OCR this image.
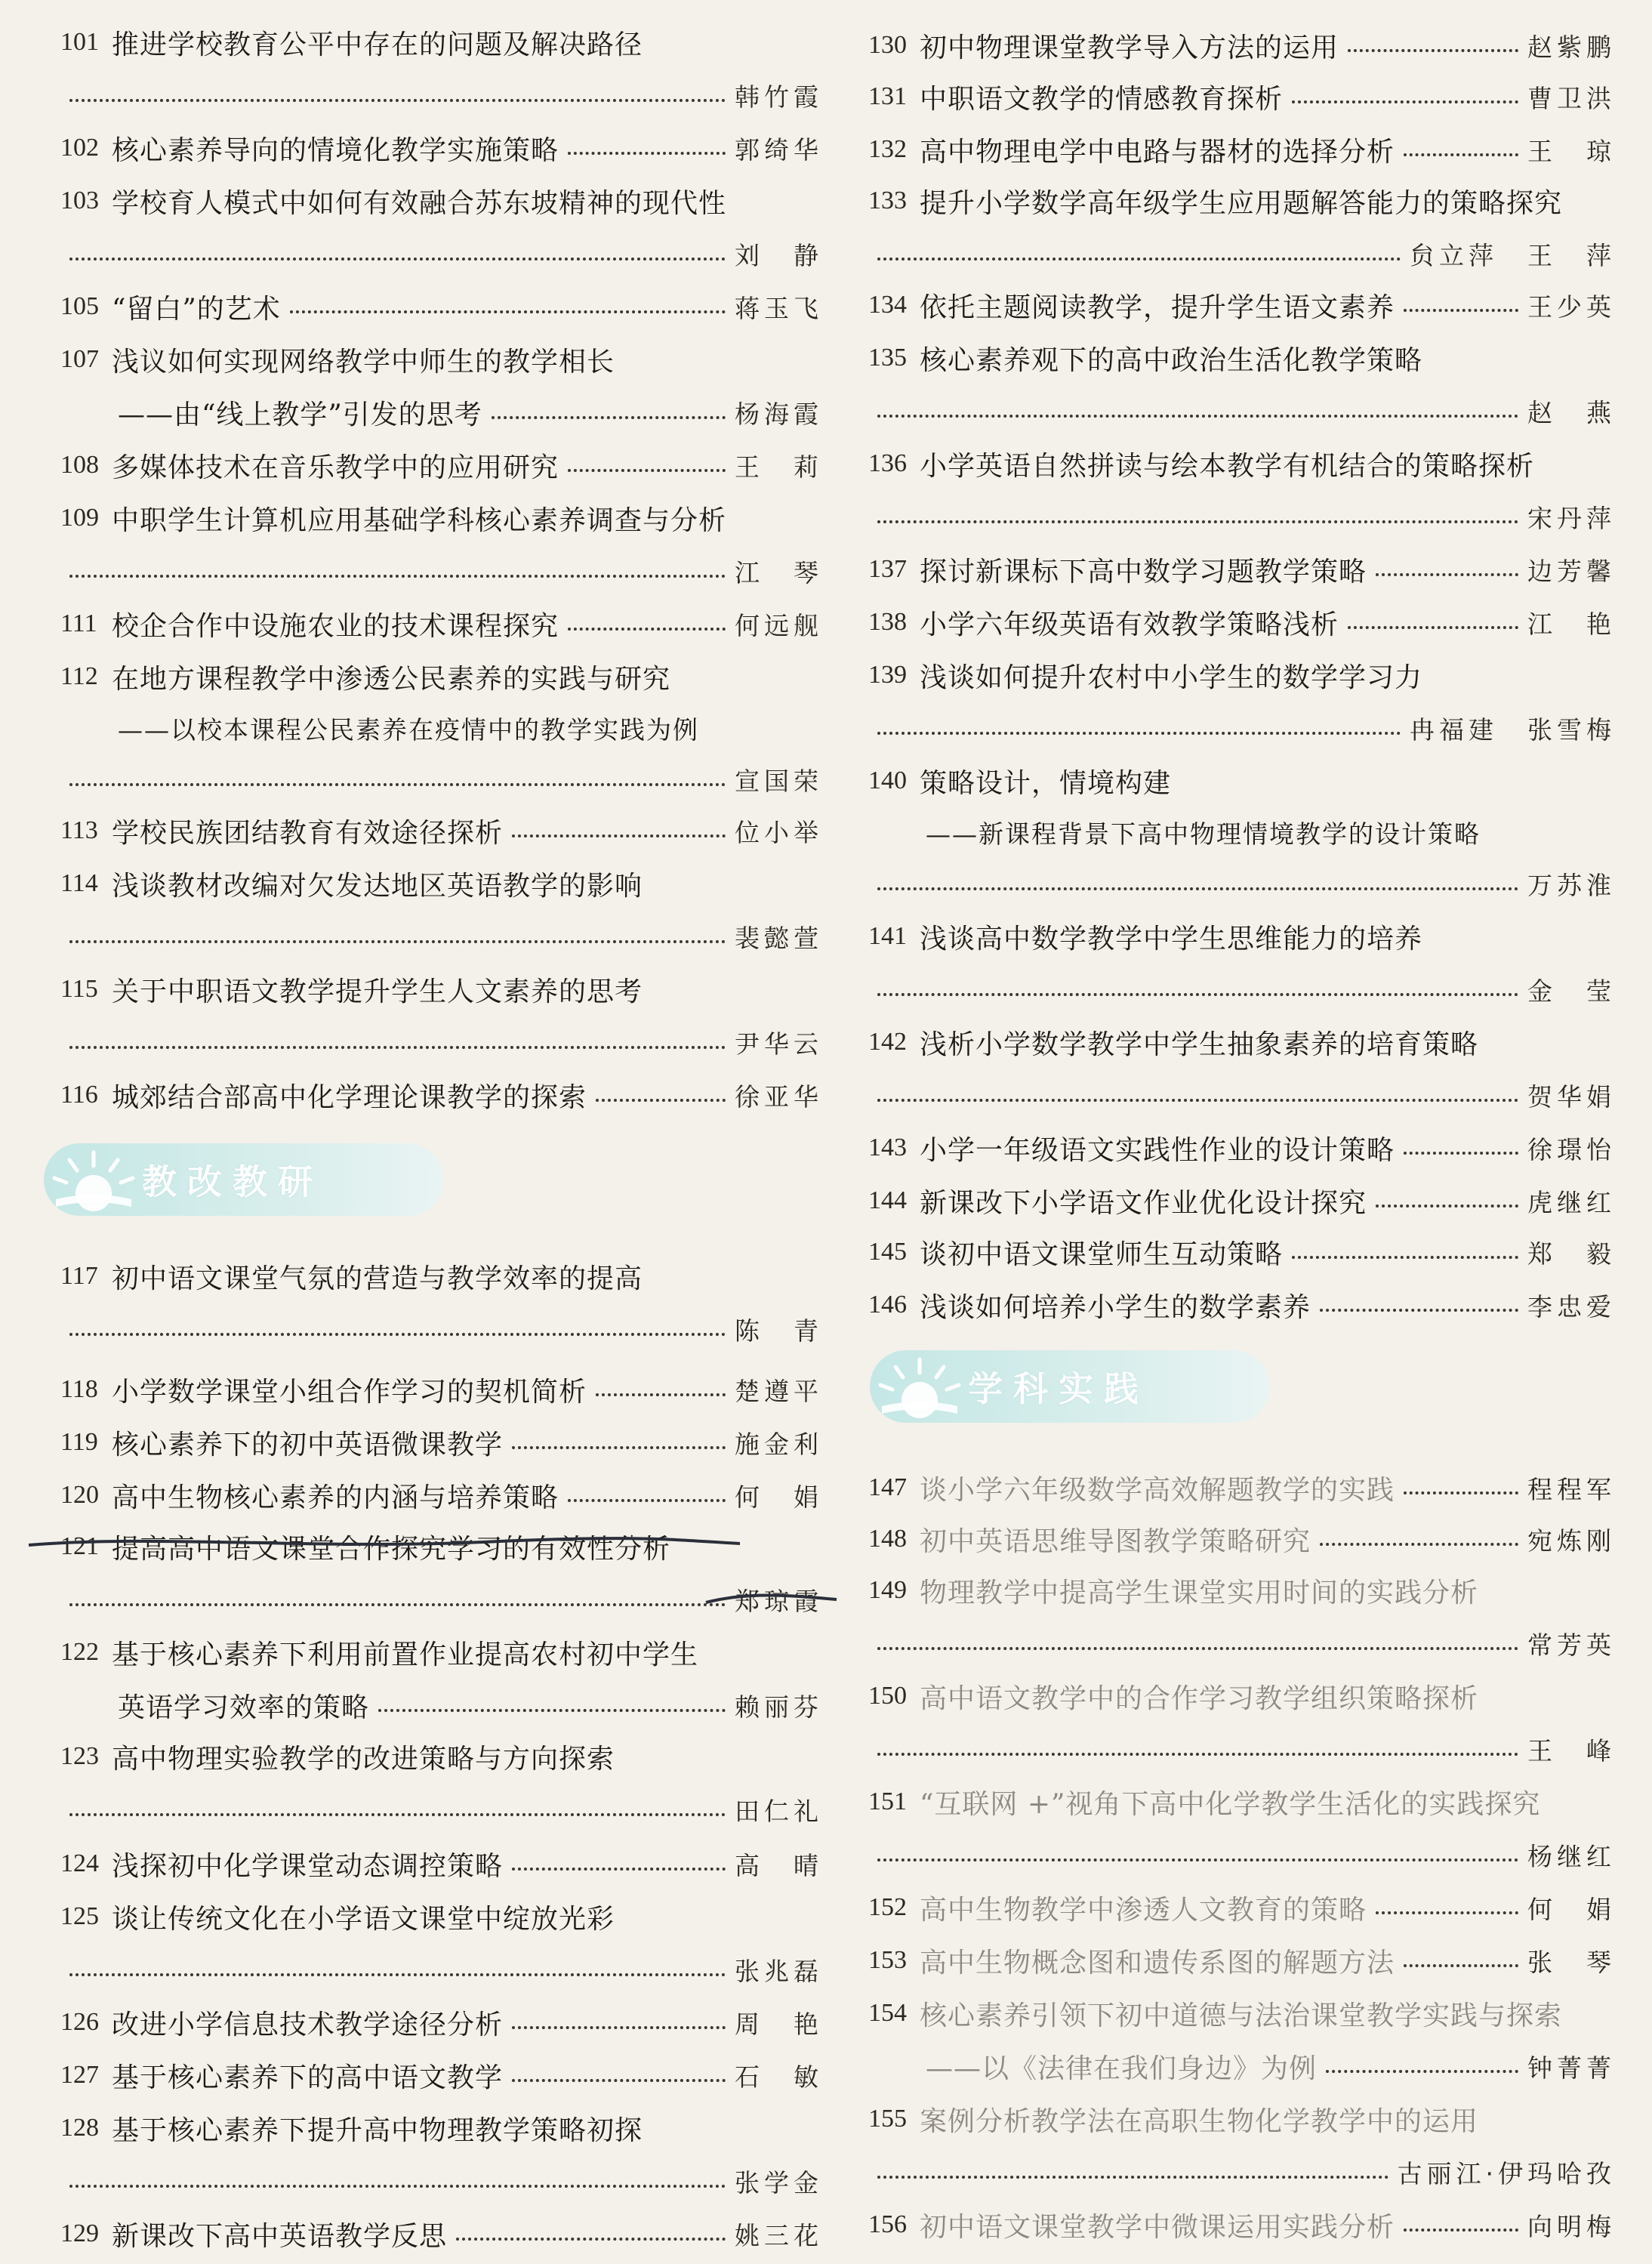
101 推进学校教育公平中存在的问题及解决路径
韩竹霞
102 核心素养导向的情境化教学实施策略	郭绮华
103 学校育人模式中如何有效融合苏东坡精神的现代性
刘　静
105 “留白”的艺术	蒋玉飞
107 浅议如何实现网络教学中师生的教学相长
——由“线上教学”引发的思考	杨海霞
108 多媒体技术在音乐教学中的应用研究	王　莉
109 中职学生计算机应用基础学科核心素养调查与分析
江　琴
111 校企合作中设施农业的技术课程探究	何远舰
112 在地方课程教学中渗透公民素养的实践与研究
——以校本课程公民素养在疫情中的教学实践为例
宣国荣
113 学校民族团结教育有效途径探析	位小举
114 浅谈教材改编对欠发达地区英语教学的影响
裴懿萱
115 关于中职语文教学提升学生人文素养的思考
尹华云
116 城郊结合部高中化学理论课教学的探索	徐亚华
117 初中语文课堂气氛的营造与教学效率的提高
陈　青
118 小学数学课堂小组合作学习的契机简析	楚遵平
119 核心素养下的初中英语微课教学	施金利
120 高中生物核心素养的内涵与培养策略	何　娟
121 提高高中语文课堂合作探究学习的有效性分析
郑琼霞
122 基于核心素养下利用前置作业提高农村初中学生
英语学习效率的策略	赖丽芬
123 高中物理实验教学的改进策略与方向探索
田仁礼
124 浅探初中化学课堂动态调控策略	高　晴
125 谈让传统文化在小学语文课堂中绽放光彩
张兆磊
126 改进小学信息技术教学途径分析	周　艳
127 基于核心素养下的高中语文教学	石　敏
128 基于核心素养下提升高中物理教学策略初探
张学金
129 新课改下高中英语教学反思	姚三花
教改教研
130 初中物理课堂教学导入方法的运用	赵紫鹏
131 中职语文教学的情感教育探析	曹卫洪
132 高中物理电学中电路与器材的选择分析	王　琼
133 提升小学数学高年级学生应用题解答能力的策略探究
贠立萍　王　萍
134 依托主题阅读教学，提升学生语文素养	王少英
135 核心素养观下的高中政治生活化教学策略
赵　燕
136 小学英语自然拼读与绘本教学有机结合的策略探析
宋丹萍
137 探讨新课标下高中数学习题教学策略	边芳馨
138 小学六年级英语有效教学策略浅析	江　艳
139 浅谈如何提升农村中小学生的数学学习力
冉福建　张雪梅
140 策略设计，情境构建
——新课程背景下高中物理情境教学的设计策略
万苏淮
141 浅谈高中数学教学中学生思维能力的培养
金　莹
142 浅析小学数学教学中学生抽象素养的培育策略
贺华娟
143 小学一年级语文实践性作业的设计策略	徐璟怡
144 新课改下小学语文作业优化设计探究	虎继红
145 谈初中语文课堂师生互动策略	郑　毅
146 浅谈如何培养小学生的数学素养	李忠爱
147 谈小学六年级数学高效解题教学的实践	程程军
148 初中英语思维导图教学策略研究	宛炼刚
149 物理教学中提高学生课堂实用时间的实践分析
常芳英
150 高中语文教学中的合作学习教学组织策略探析
王　峰
151 “互联网 +”视角下高中化学教学生活化的实践探究
杨继红
152 高中生物教学中渗透人文教育的策略	何　娟
153 高中生物概念图和遗传系图的解题方法	张　琴
154 核心素养引领下初中道德与法治课堂教学实践与探索
——以《法律在我们身边》为例	钟菁菁
155 案例分析教学法在高职生物化学教学中的运用
古丽江·伊玛哈孜
156 初中语文课堂教学中微课运用实践分析	向明梅
学科实践
